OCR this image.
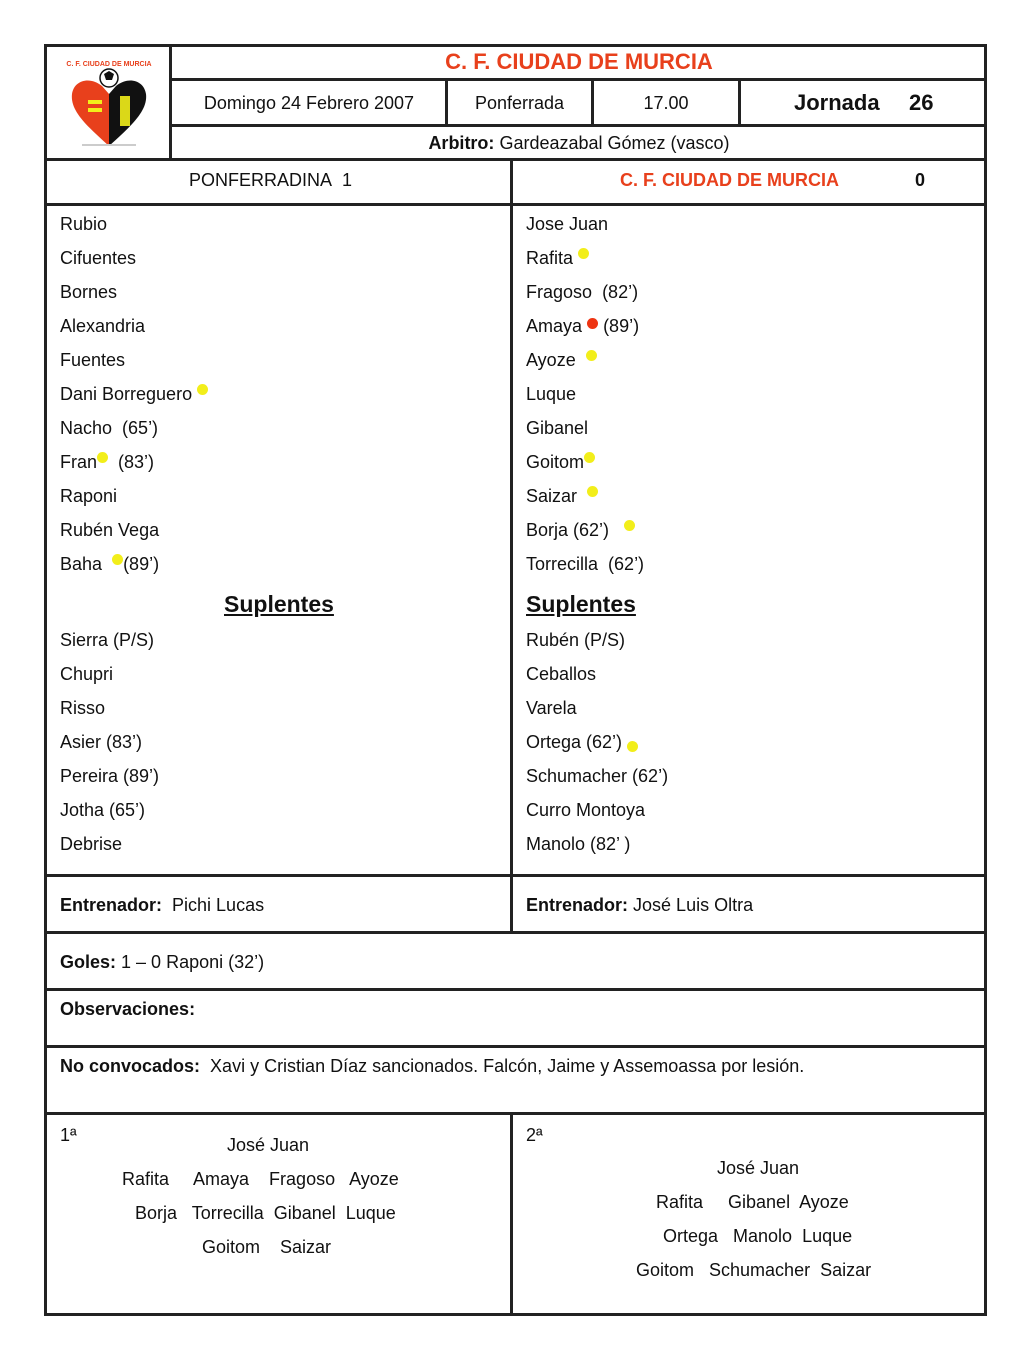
C. F. CIUDAD DE MURCIA	C. F. CIUDAD DE MURCIA
Domingo 24 Febrero 2007	Ponferrada	17.00	Jornada 26
Arbitro: Gardeazabal Gómez (vasco)
PONFERRADINA 1	C. F. CIUDAD DE MURCIA	0
Rubio
Cifuentes
Bornes
Alexandria
Fuentes
Dani Borreguero
Nacho (65’)
Fran (83’)
Raponi
Rubén Vega
Baha (89’)
Suplentes
Sierra (P/S)
Chupri
Risso
Asier (83’)
Pereira (89’)
Jotha (65’)
Debrise
Jose Juan
Rafita
Fragoso (82’)
Amaya (89’)
Ayoze
Luque
Gibanel
Goitom
Saizar
Borja (62’)
Torrecilla (62’)
Suplentes
Rubén (P/S)
Ceballos
Varela
Ortega (62’)
Schumacher (62’)
Curro Montoya
Manolo (82’ )
Entrenador: Pichi Lucas	Entrenador: José Luis Oltra
Goles: 1 – 0 Raponi (32’)
Observaciones:
No convocados: Xavi y Cristian Díaz sancionados. Falcón, Jaime y Assemoassa por lesión.
1ª	José Juan
Rafita     Amaya    Fragoso   Ayoze
Borja   Torrecilla  Gibanel  Luque
Goitom    Saizar
2ª
José Juan
Rafita     Gibanel  Ayoze
Ortega   Manolo  Luque
Goitom   Schumacher  Saizar
